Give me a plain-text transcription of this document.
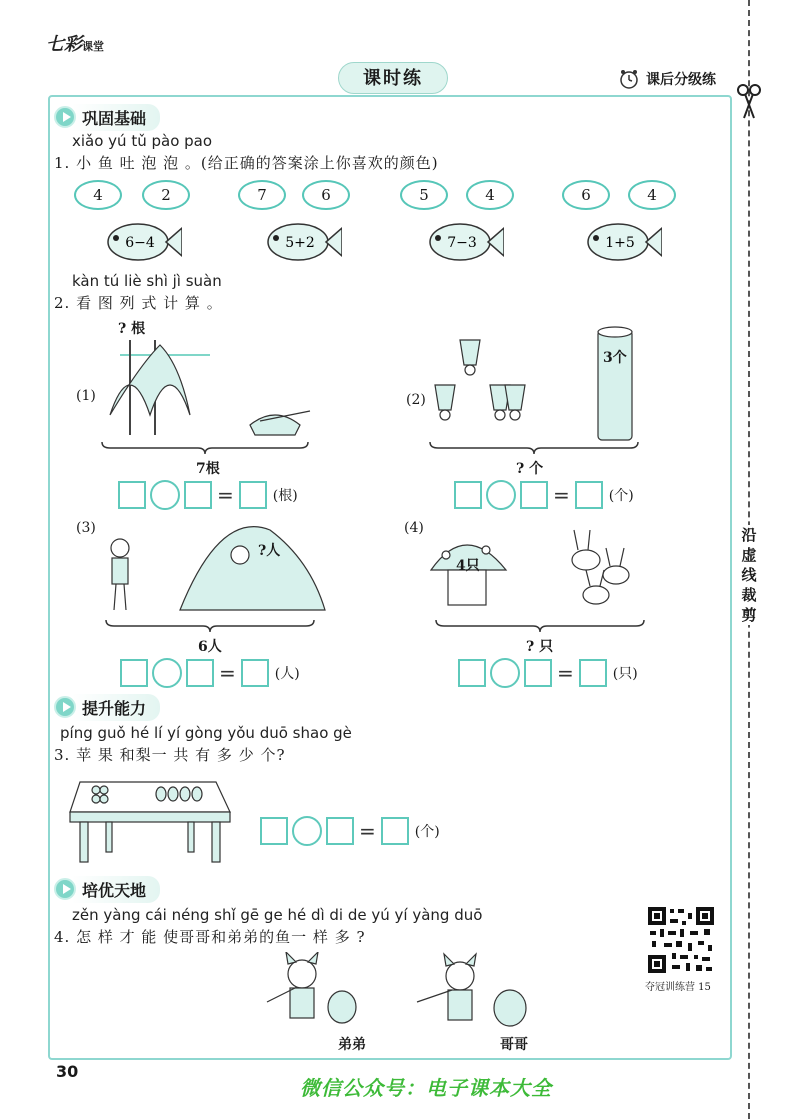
七彩课堂
课时练	课后分级练
沿
虚
线
裁
剪
巩固基础
xiǎo yú tǔ pào pao
1. 小 鱼 吐 泡 泡 。(给正确的答案涂上你喜欢的颜色)
4	2
6−4
7	6
5+2
5	4
7−3
6	4
1+5
kàn tú liè shì jì suàn
2. 看 图 列 式 计 算 。
? 根
(1)
7根
=	(根)
(2)
3个
? 个
=	(个)
(3)
?人
6人
=	(人)
(4)
4只
? 只
=	(只)
提升能力
píng guǒ hé lí yí gòng yǒu duō shao gè
3. 苹 果 和梨一 共 有 多 少 个?
=	(个)
培优天地
zěn yàng cái néng shǐ gē ge hé dì di de yú yí yàng duō
4. 怎 样 才 能 使哥哥和弟弟的鱼一 样 多 ?
弟弟	哥哥
夺冠训练营 15
30
微信公众号：电子课本大全
